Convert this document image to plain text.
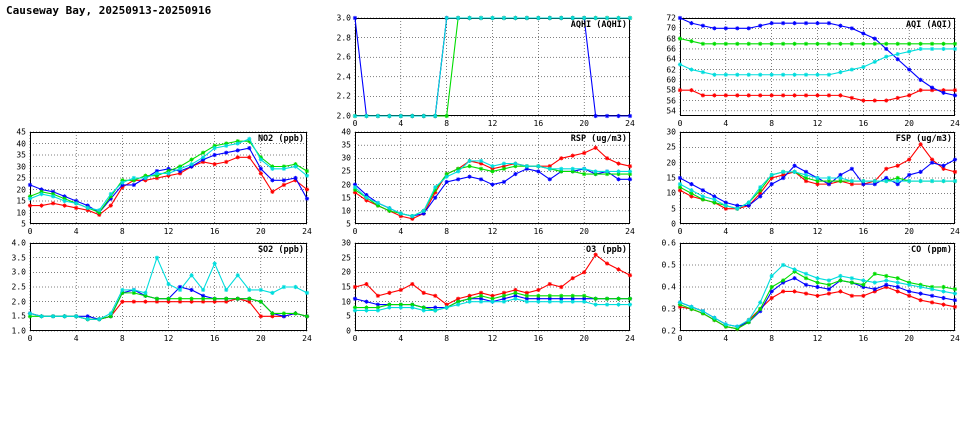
Causeway Bay, 20250913-20250916
AQHI (AQHI)
2.0
2.2
2.4
2.6
2.8
3.0
0	4	8	12	16	20	24
AQI (AQI)
54
56
58
60
62
64
66
68
70
72
0	4	8	12	16	20	24
NO2 (ppb)
5
10
15
20
25
30
35
40
45
0	4	8	12	16	20	24
RSP (ug/m3)
5
10
15
20
25
30
35
40
0	4	8	12	16	20	24
FSP (ug/m3)
0
5
10
15
20
25
30
0	4	8	12	16	20	24
SO2 (ppb)
1.0
1.5
2.0
2.5
3.0
3.5
4.0
0	4	8	12	16	20	24
O3 (ppb)
0
5
10
15
20
25
30
0	4	8	12	16	20	24
CO (ppm)
0.2
0.3
0.4
0.5
0.6
0	4	8	12	16	20	24
